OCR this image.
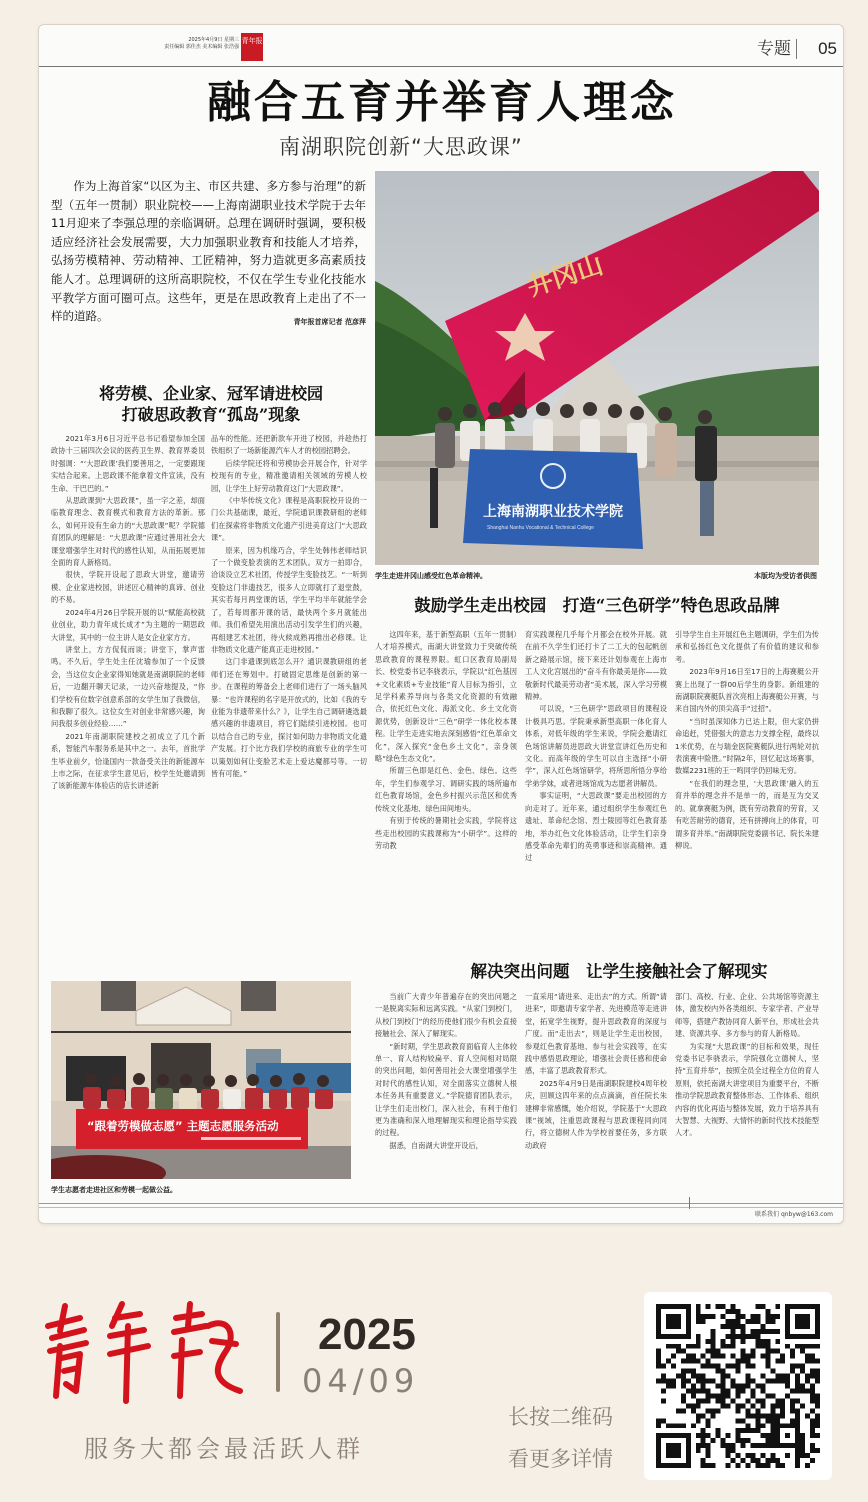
2025年4月9日 星期三
责任编辑 郭佳杰 美术编辑 张浩强
青年报	专题	05
融合五育并举育人理念
南湖职院创新“大思政课”
作为上海首家“以区为主、市区共建、多方参与治理”的新型（五年一贯制）职业院校——上海南湖职业技术学院于去年11月迎来了李强总理的亲临调研。总理在调研时强调，要积极适应经济社会发展需要，大力加强职业教育和技能人才培养，弘扬劳模精神、劳动精神、工匠精神，努力造就更多高素质技能人才。总理调研的这所高职院校，不仅在学生专业化技能水平教学方面可圈可点。这些年，更是在思政教育上走出了不一样的道路。	青年报首席记者 范彦萍
将劳模、企业家、冠军请进校园
打破思政教育“孤岛”现象

2021年3月6日习近平总书记看望参加全国政协十三届四次会议的医药卫生界、教育界委员时强调：“‘大思政课’我们要善用之，一定要跟现实结合起来。上思政课不能拿着文件宣读，没有生命、干巴巴的。”

从思政课到“大思政课”，虽一字之差，却面临教育理念、教育模式和教育方法的革新。那么，如何开设有生命力的“大思政课”呢？学院德育团队的理解是：“大思政课”应通过善用社会大课堂增强学生对时代的感性认知，从而拓展更加全面的育人新格局。

很快，学院开设起了思政大讲堂，邀请劳模、企业家进校园，讲述匠心精神的真谛、创业的不易。

2024年4月26日学院开展的以“赋能高校就业创业，助力青年成长成才”为主题的一期思政大讲堂，其中的一位主讲人是女企业家方方。

讲堂上，方方侃侃而谈；讲堂下，掌声雷鸣。不久后，学生处主任沈瑜参加了一个反馈会，当这位女企业家得知她就是南湖职院的老师后，一边翻开聊天记录，一边兴奋地提及，“你们学校有位数字创意系部的女学生加了我微信，和我聊了很久。这位女生对创业非常感兴趣，询问我很多创业经验……”

2021年南湖职院建校之初成立了几个新系，智能汽车服务系是其中之一。去年，首批学生毕业前夕，恰逢国内一款备受关注的新能源车上市之际，在征求学生意见后，校学生处邀请到了该新能源车体验店的店长讲述新

品车的性能。还把新款车开进了校园，并趁热打铁组织了一场新能源汽车人才的校园招聘会。

后续学院还将和劳模协会开展合作，针对学校现有的专业，精准邀请相关领域的劳模人校园，让学生上好劳动教育这门“大思政课”。

《中华传统文化》课程是高职院校开设的一门公共基础课，最近，学院通识课教研组的老师们在探索将非物质文化遗产引进美育这门“大思政课”。

原来，因为机缘巧合，学生处韩伟老师结识了一个做变脸表演的艺术团队。双方一拍即合，洽谈设立艺术社团，传授学生变脸技艺。“一听到变脸这门非遗技艺，很多人立即就打了退堂鼓，其实若每月两堂课的话，学生平均半年就能学会了，若每周都开课的话，最快两个多月就能出师。我们希望先用演出活动引发学生们的兴趣，再组建艺术社团，待火候成熟再推出必修课。让非物质文化遗产能真正走进校园。”

这门非遗课到底怎么开？通识课教研组的老师们还在筹划中。打破固定思维是创新的第一步。在课程的筹备会上老师们进行了一场头脑风暴：“也许课程的名字是开放式的，比如《我的专业能为非遗带来什么？》，让学生自己调研遴选最感兴趣的非遗项目，将它们陆续引进校园。也可以结合自己的专业，探讨如何助力非物质文化遗产发展。打个比方我们学校的商旅专业的学生可以策划如何让变脸艺术走上爱达魔都号等。一切皆有可能。”

井冈山
上海南湖职业技术学院
Shanghai Nanhu Vocational & Technical College
学生走进井冈山感受红色革命精神。	本版均为受访者供图
鼓励学生走出校园　打造“三色研学”特色思政品牌

这四年来，基于新型高职（五年一贯制）人才培养模式，南湖大讲堂致力于突破传统思政教育的课程界限。虹口区教育局副局长、校党委书记李骁表示，学院以“红色基因+文化素质+专业技能”育人目标为指引，立足学科素养导向与各类文化资源的有效融合，依托红色文化、海派文化、乡土文化资源优势，创新设计“三色”研学一体化校本课程。让学生走进实地去深刻感悟“红色革命文化”，深入探究“金色乡土文化”，亲身领略“绿色生态文化”。

所谓三色即是红色、金色、绿色。这些年，学生们参观学习、调研实践的场所遍布红色教育场馆，金色乡村振兴示范区和优秀传统文化基地、绿色田间地头。

有别于传统的暑期社会实践，学院将这些走出校园的实践课称为“小研学”。这样的劳动教

育实践课程几乎每个月都会在校外开展。就在前不久学生们还打卡了二工大的包起帆创新之路展示馆，接下来还计划参观在上海市工人文化宫展出的“奋斗有你最美是你——致敬新时代最美劳动者”美术展，深入学习劳模精神。

可以说，“三色研学”思政项目的课程设计极具巧思。学院秉承新型高职一体化育人体系，对低年级的学生来说，学院会邀请红色场馆讲解员进思政大讲堂宣讲红色历史和文化。而高年级的学生可以自主选择“小研学”，深入红色场馆研学，将所思所悟分享给学弟学妹，或者进场馆成为志愿者讲解员。

事实证明，“大思政课”要走出校园的方向走对了。近年来，通过组织学生参观红色遗址、革命纪念馆、烈士陵园等红色教育基地，举办红色文化体验活动，让学生们亲身感受革命先辈们的英勇事迹和崇高精神。通过

引导学生自主开展红色主题调研，学生们为传承和弘扬红色文化提供了有价值的建议和参考。

2023年9月16日至17日的上海赛艇公开赛上出现了一群00后学生的身影。新组建的南湖职院赛艇队首次亮相上海赛艇公开赛，与来自国内外的顶尖高手“过招”。

“当时虽深知体力已达上限，但大家仍拼命追赶，凭借强大的意志力支撑全程，最终以1米优势，在与瑞金医院赛艇队进行两轮对抗表演赛中险胜。”时隔2年，回忆起这场赛事，数媒2231班的王一鸣同学仍回味无穷。

“在我们的理念里，‘大思政课’融入的五育并举的理念并不是单一的，而是互为交叉的。就拿赛艇为例，既有劳动教育的劳育，又有吃苦耐劳的德育，还有拼搏向上的体育，可谓多育并举。”南湖职院党委副书记、院长朱建柳说。

解决突出问题　让学生接触社会了解现实

当前广大青少年普遍存在的突出问题之一是脱离实际和远离实践。“从家门到校门，从校门到校门”的经历使他们很少有机会直接接触社会、深入了解现实。

“新时期，学生思政教育面临育人主体较单一、育人结构较扁平、育人空间相对局限的突出问题，如何善用社会大课堂增强学生对时代的感性认知，对全面落实立德树人根本任务具有重要意义。”学院德育团队表示，让学生们走出校门，深入社会，有利于他们更为准确和深入地理解现实和理论指导实践的过程。

据悉，自南湖大讲堂开设后，

一直采用“请进来、走出去”的方式。所谓“请进来”，即邀请专家学者、先进模范等走进讲堂，拓宽学生视野，提升思政教育的深度与广度。而“走出去”，则是让学生走出校园，参观红色教育基地、参与社会实践等，在实践中感悟思政理论，增强社会责任感和使命感，丰富了思政教育形式。

2025年4月9日是南湖职院建校4周年校庆，回顾这四年来的点点滴滴，首任院长朱建柳非常感慨，她介绍说，学院基于“大思政课”视域，注重思政课程与思政课程同向同行，将立德树人作为学校首要任务，多方联动政府

部门、高校、行业、企业、公共场馆等资源主体，激发校内外各类组织、专家学者、产业导师等，搭建产教协同育人新平台，形成社会共建、资源共享、多方参与的育人新格局。

为实现“大思政课”的目标和效果，现任党委书记李骁表示，学院强化立德树人，坚持“五育并举”，按照全员全过程全方位的育人原则，依托南湖大讲堂项目为重要平台，不断推动学院思政教育整体形态、工作体系、组织内容的优化再造与整体发展，致力于培养具有大智慧、大视野、大情怀的新时代技术技能型人才。

“跟着劳模做志愿” 主题志愿服务活动
学生志愿者走进社区和劳模一起做公益。
联系我们 qnbyw@163.com
青年报
2025
04/09
服务大都会最活跃人群
长按二维码
看更多详情
